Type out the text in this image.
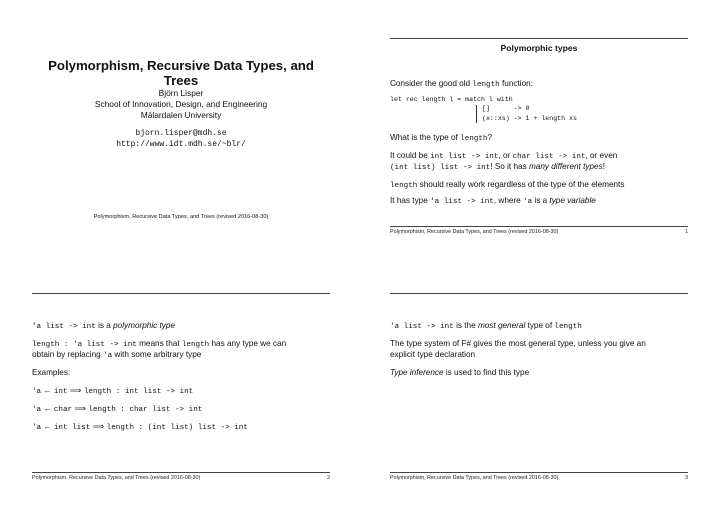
Polymorphism, Recursive Data Types, and Trees
Björn Lisper
School of Innovation, Design, and Engineering
Mälardalen University
bjorn.lisper@mdh.se
http://www.idt.mdh.se/~blr/
Polymorphism, Recursive Data Types, and Trees (revised 2016-08-30)
Polymorphic types

Consider the good old length function:

let rec length l = match l with
[]      -> 0
(x::xs) -> 1 + length xs

What is the type of length?

It could be int list -> int, or char list -> int, or even

(int list) list -> int! So it has many different types!

length should really work regardless of the type of the elements

It has type 'a list -> int, where 'a is a type variable

Polymorphism, Recursive Data Types, and Trees (revised 2016-08-30)	1

'a list -> int is a polymorphic type

length : 'a list -> int means that length has any type we can

obtain by replacing 'a with some arbitrary type

Examples:

'a ← int ⟹ length : int list -> int
'a ← char ⟹ length : char list -> int
'a ← int list ⟹ length : (int list) list -> int
Polymorphism, Recursive Data Types, and Trees (revised 2016-08-30)	2

'a list -> int is the most general type of length

The type system of F# gives the most general type, unless you give an

explicit type declaration

Type inference is used to find this type

Polymorphism, Recursive Data Types, and Trees (revised 2016-08-30)	3
